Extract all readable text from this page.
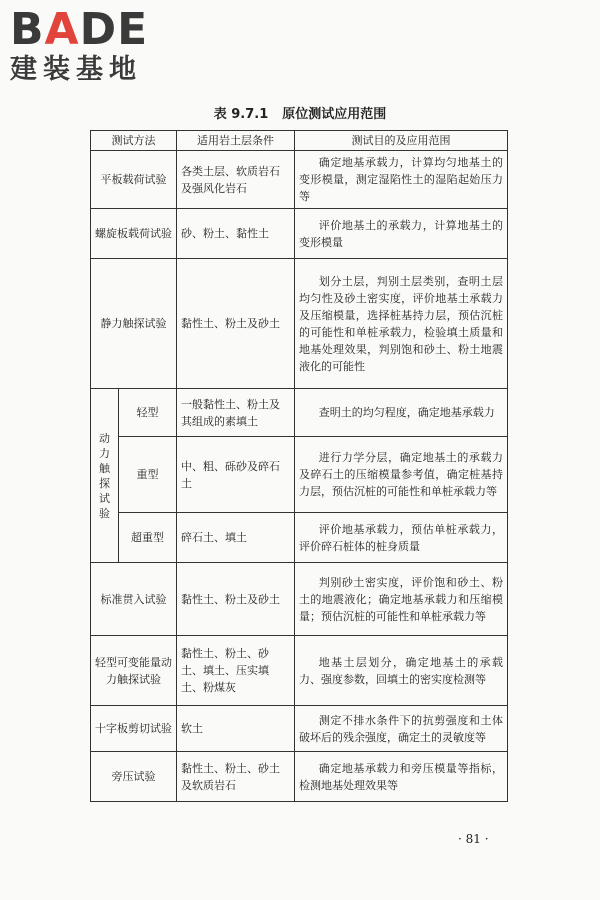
BADE
建装基地
表 9.7.1 原位测试应用范围
测试方法		适用岩土层条件	测试目的及应用范围
平板载荷试验		各类土层、软质岩石及强风化岩石	确定地基承载力，计算均匀地基土的变形模量，测定湿陷性土的湿陷起始压力等
螺旋板载荷试验		砂、粉土、黏性土	评价地基土的承载力，计算地基土的变形模量
静力触探试验		黏性土、粉土及砂土	划分土层，判别土层类别，查明土层均匀性及砂土密实度，评价地基土承载力及压缩模量，选择桩基持力层，预估沉桩的可能性和单桩承载力，检验填土质量和地基处理效果，判别饱和砂土、粉土地震液化的可能性
动力触探试验	轻型	一般黏性土、粉土及其组成的素填土	查明土的均匀程度，确定地基承载力
	重型	中、粗、砾砂及碎石土	进行力学分层，确定地基土的承载力及碎石土的压缩模量参考值，确定桩基持力层，预估沉桩的可能性和单桩承载力等
	超重型	碎石土、填土	评价地基承载力，预估单桩承载力，评价碎石桩体的桩身质量
标准贯入试验		黏性土、粉土及砂土	判别砂土密实度，评价饱和砂土、粉土的地震液化；确定地基承载力和压缩模量；预估沉桩的可能性和单桩承载力等
轻型可变能量动力触探试验		黏性土、粉土、砂土、填土、压实填土、粉煤灰	地基土层划分，确定地基土的承载力、强度参数，回填土的密实度检测等
十字板剪切试验		软土	测定不排水条件下的抗剪强度和土体破坏后的残余强度，确定土的灵敏度等
旁压试验		黏性土、粉土、砂土及软质岩石	确定地基承载力和旁压模量等指标，检测地基处理效果等
· 81 ·
